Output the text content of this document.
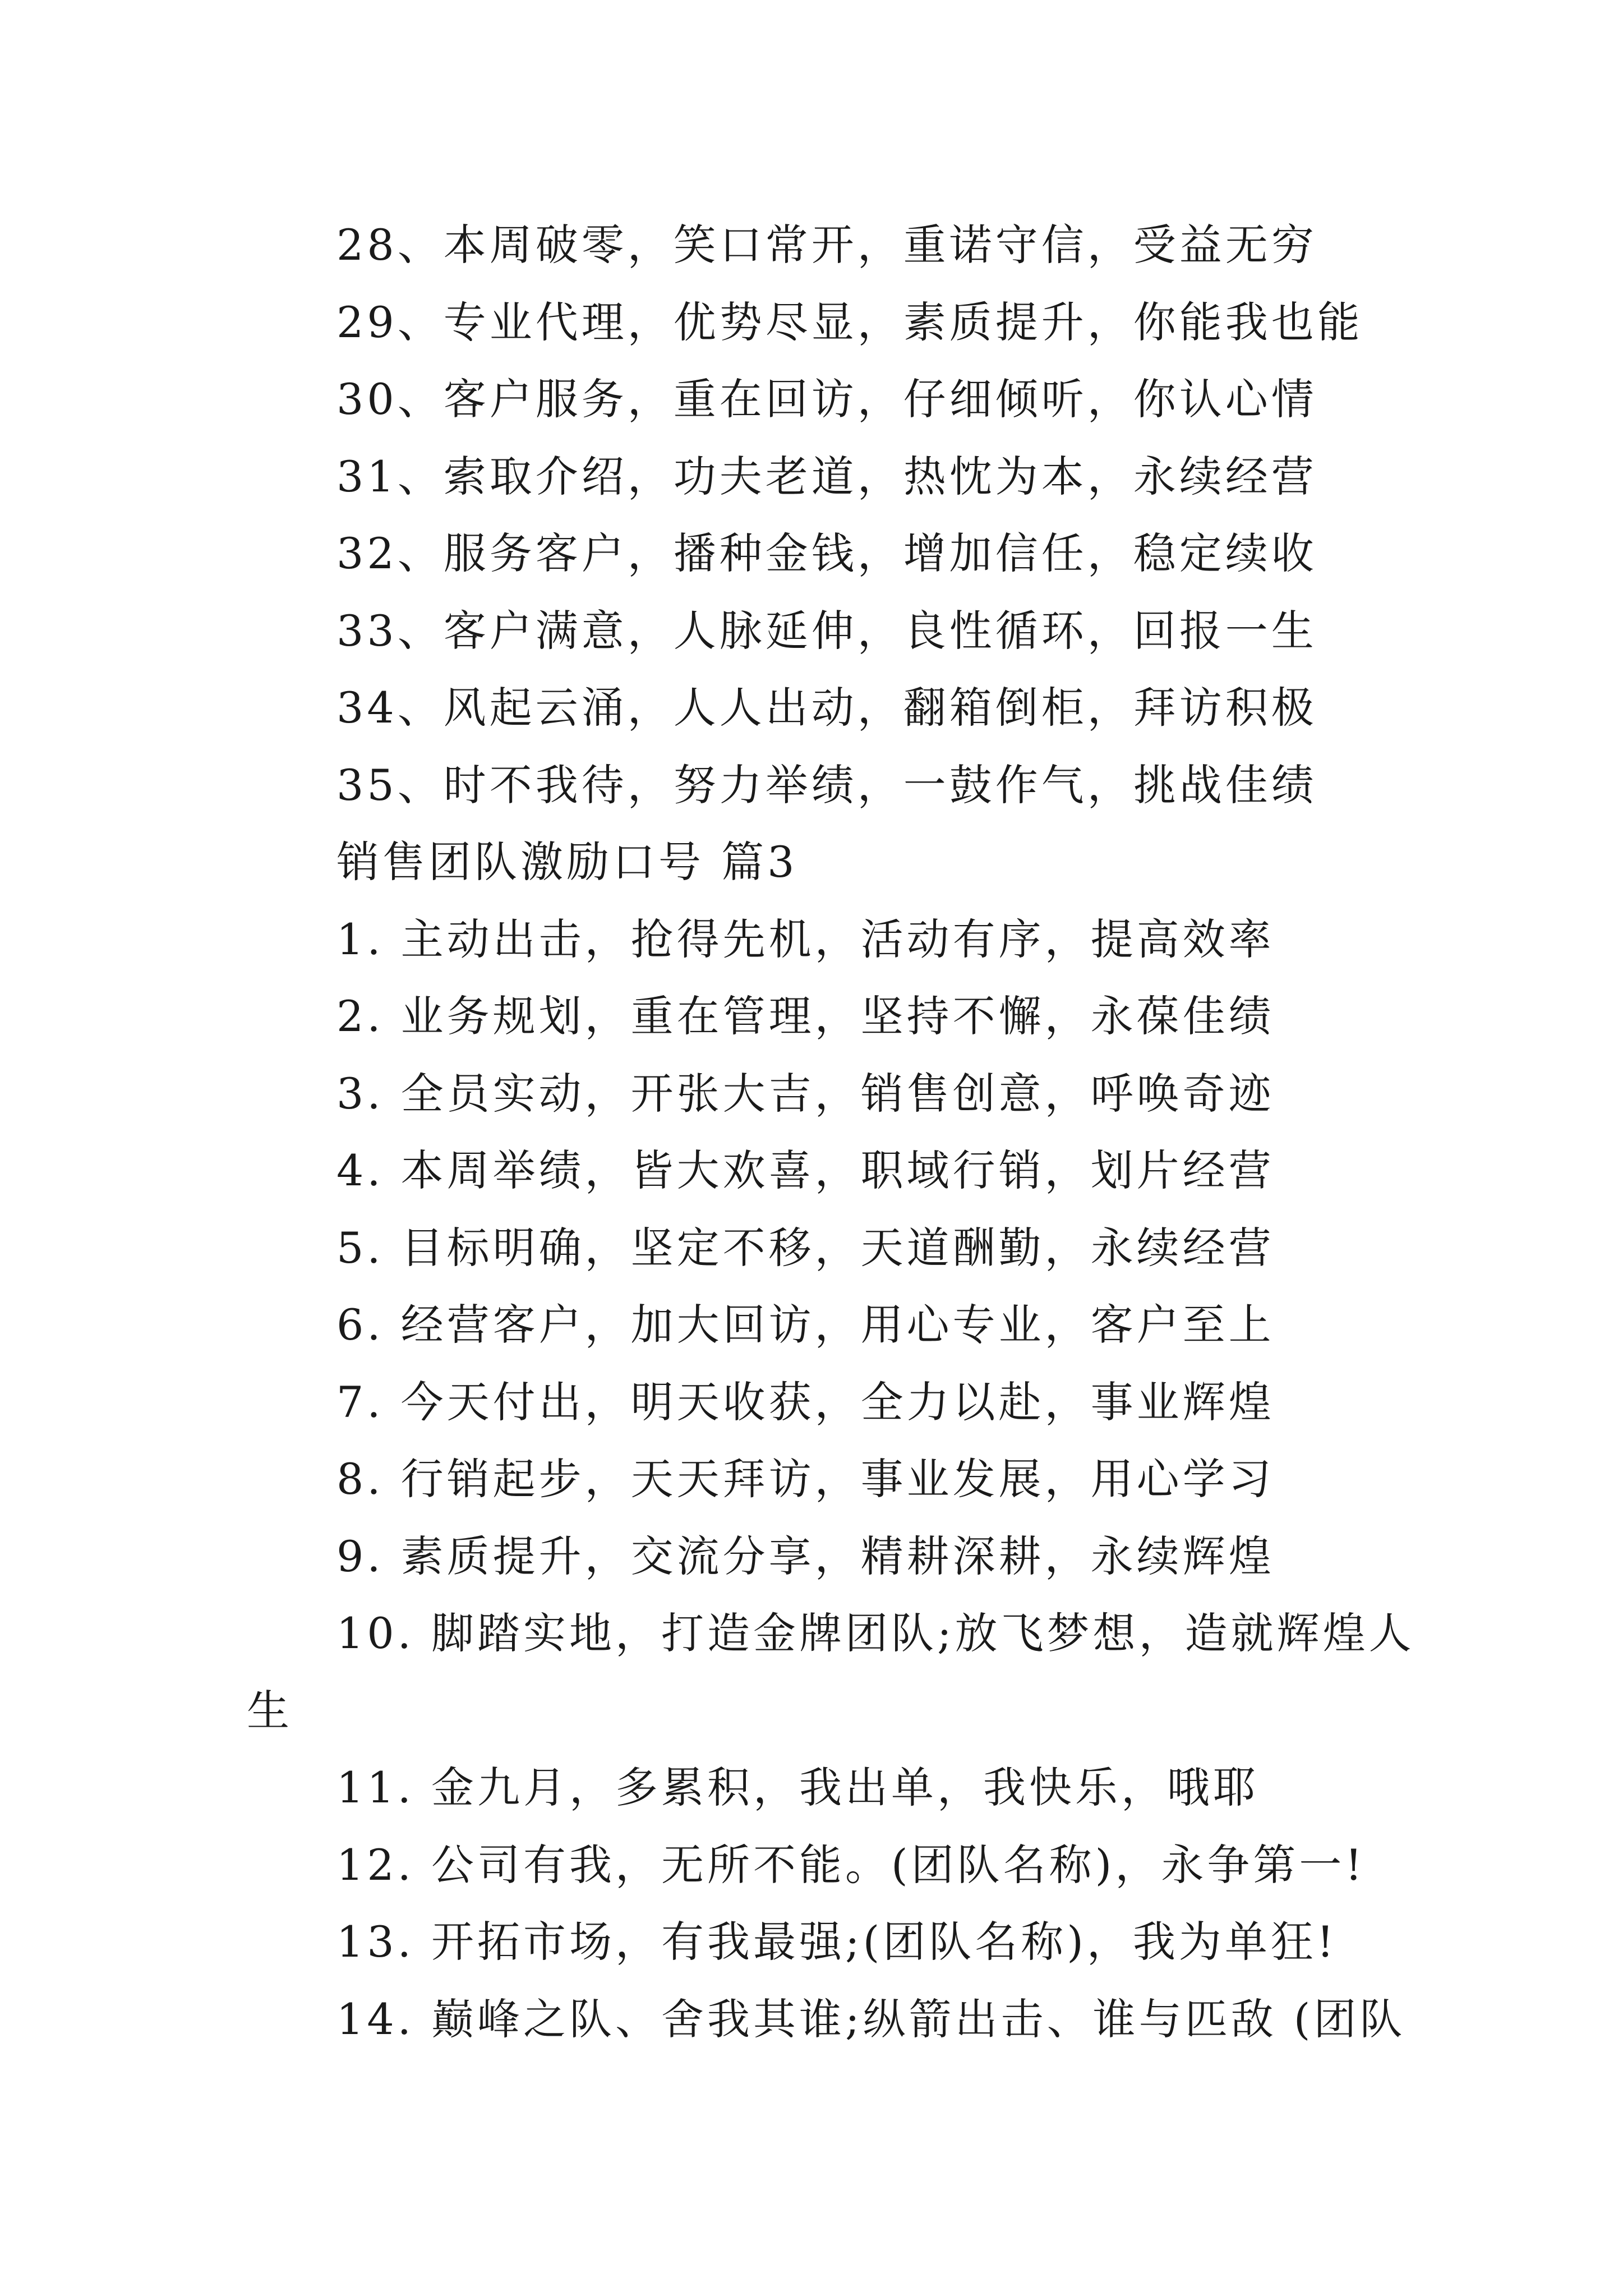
28、本周破零，笑口常开，重诺守信，受益无穷
29、专业代理，优势尽显，素质提升，你能我也能
30、客户服务，重在回访，仔细倾听，你认心情
31、索取介绍，功夫老道，热忱为本，永续经营
32、服务客户，播种金钱，增加信任，稳定续收
33、客户满意，人脉延伸，良性循环，回报一生
34、风起云涌，人人出动，翻箱倒柜，拜访积极
35、时不我待，努力举绩，一鼓作气，挑战佳绩
销售团队激励口号 篇3
1. 主动出击，抢得先机，活动有序，提高效率
2. 业务规划，重在管理，坚持不懈，永葆佳绩
3. 全员实动，开张大吉，销售创意，呼唤奇迹
4. 本周举绩，皆大欢喜，职域行销，划片经营
5. 目标明确，坚定不移，天道酬勤，永续经营
6. 经营客户，加大回访，用心专业，客户至上
7. 今天付出，明天收获，全力以赴，事业辉煌
8. 行销起步，天天拜访，事业发展，用心学习
9. 素质提升，交流分享，精耕深耕，永续辉煌
10. 脚踏实地，打造金牌团队;放飞梦想，造就辉煌人
生
11. 金九月，多累积，我出单，我快乐，哦耶
12. 公司有我，无所不能。(团队名称)，永争第一!
13. 开拓市场，有我最强;(团队名称)，我为单狂!
14. 巅峰之队、舍我其谁;纵箭出击、谁与匹敌 (团队
